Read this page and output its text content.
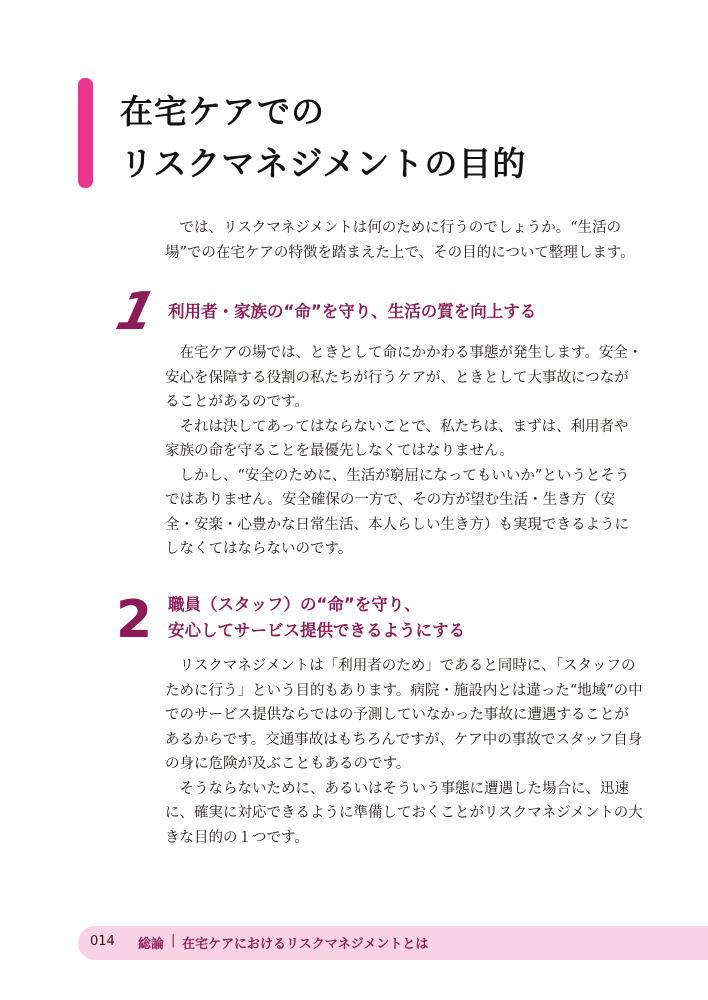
在宅ケアでの
リスクマネジメントの目的

では、リスクマネジメントは何のために行うのでしょうか。“生活の場”での在宅ケアの特徴を踏まえた上で、その目的について整理します。

1 利用者・家族の“命”を守り、生活の質を向上する

在宅ケアの場では、ときとして命にかかわる事態が発生します。安全・安心を保障する役割の私たちが行うケアが、ときとして大事故につながることがあるのです。

それは決してあってはならないことで、私たちは、まずは、利用者や家族の命を守ることを最優先しなくてはなりません。

しかし、“安全のために、生活が窮屈になってもいいか”というとそうではありません。安全確保の一方で、その方が望む生活・生き方（安全・安楽・心豊かな日常生活、本人らしい生き方）も実現できるようにしなくてはならないのです。

2 職員（スタッフ）の“命”を守り、
安心してサービス提供できるようにする

リスクマネジメントは「利用者のため」であると同時に、「スタッフのために行う」という目的もあります。病院・施設内とは違った“地域”の中でのサービス提供ならではの予測していなかった事故に遭遇することがあるからです。交通事故はもちろんですが、ケア中の事故でスタッフ自身の身に危険が及ぶこともあるのです。

そうならないために、あるいはそういう事態に遭遇した場合に、迅速に、確実に対応できるように準備しておくことがリスクマネジメントの大きな目的の１つです。

014 総論 | 在宅ケアにおけるリスクマネジメントとは
